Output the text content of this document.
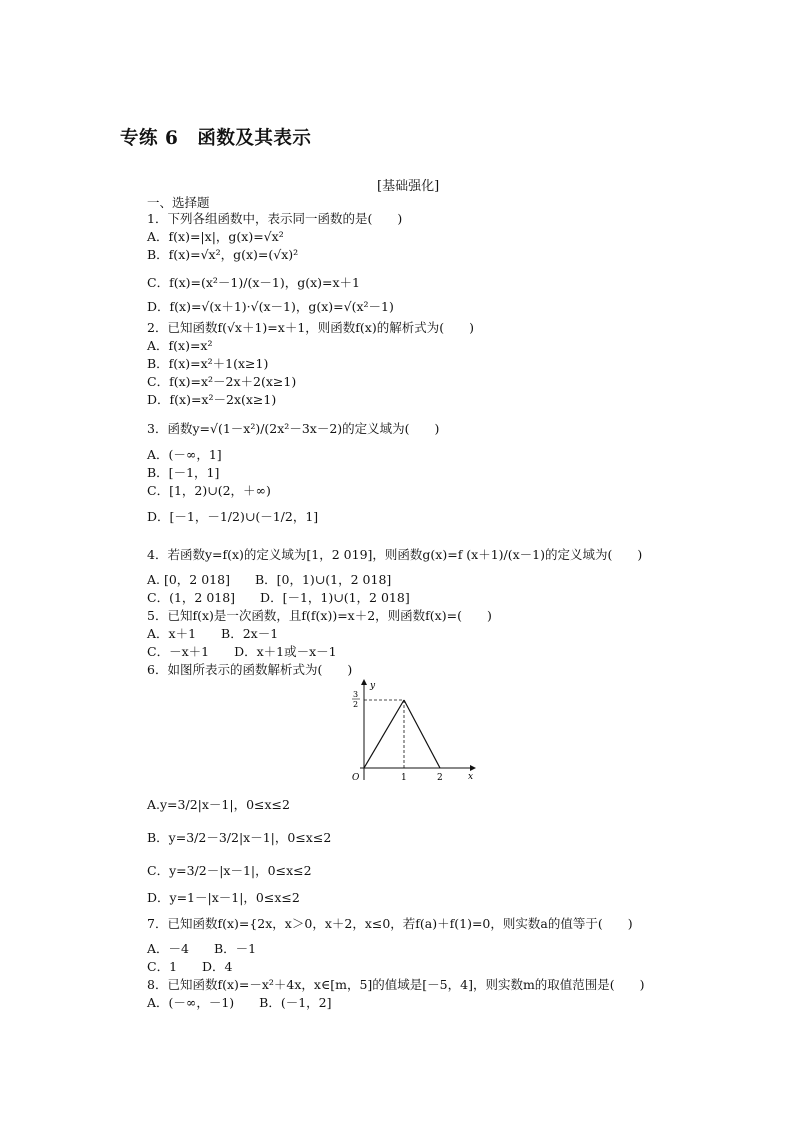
专练 6　函数及其表示
[基础强化]
一、选择题
1．下列各组函数中，表示同一函数的是(　　)
A．f(x)=|x|，g(x)=√x²
B．f(x)=√x²，g(x)=(√x)²
C．f(x)=(x²－1)/(x－1)，g(x)=x＋1
D．f(x)=√(x＋1)·√(x－1)，g(x)=√(x²－1)
2．已知函数f(√x＋1)=x＋1，则函数f(x)的解析式为(　　)
A．f(x)=x²
B．f(x)=x²＋1(x≥1)
C．f(x)=x²－2x＋2(x≥1)
D．f(x)=x²－2x(x≥1)
3．函数y=√(1－x²)/(2x²－3x－2)的定义域为(　　)
A．(－∞，1]
B．[－1，1]
C．[1，2)∪(2，＋∞)
D．[－1，－1/2)∪(－1/2，1]
4．若函数y=f(x)的定义域为[1，2 019]，则函数g(x)=f (x＋1)/(x－1)的定义域为(　　)
A. [0，2 018]　　B．[0，1)∪(1，2 018]
C．(1，2 018]　　D．[－1，1)∪(1，2 018]
5．已知f(x)是一次函数，且f(f(x))=x＋2，则函数f(x)=(　　)
A．x＋1　　B．2x－1
C．－x＋1　　D．x＋1或－x－1
6．如图所表示的函数解析式为(　　)
y
x
O	1	2
3
2
A.y=3/2|x－1|，0≤x≤2
B．y=3/2－3/2|x－1|，0≤x≤2
C．y=3/2－|x－1|，0≤x≤2
D．y=1－|x－1|，0≤x≤2
7．已知函数f(x)={2x，x＞0，x＋2，x≤0，若f(a)＋f(1)=0，则实数a的值等于(　　)
A．－4　　B．－1
C．1　　D．4
8．已知函数f(x)=－x²＋4x，x∈[m，5]的值域是[－5，4]，则实数m的取值范围是(　　)
A．(－∞，－1)　　B．(－1，2]
